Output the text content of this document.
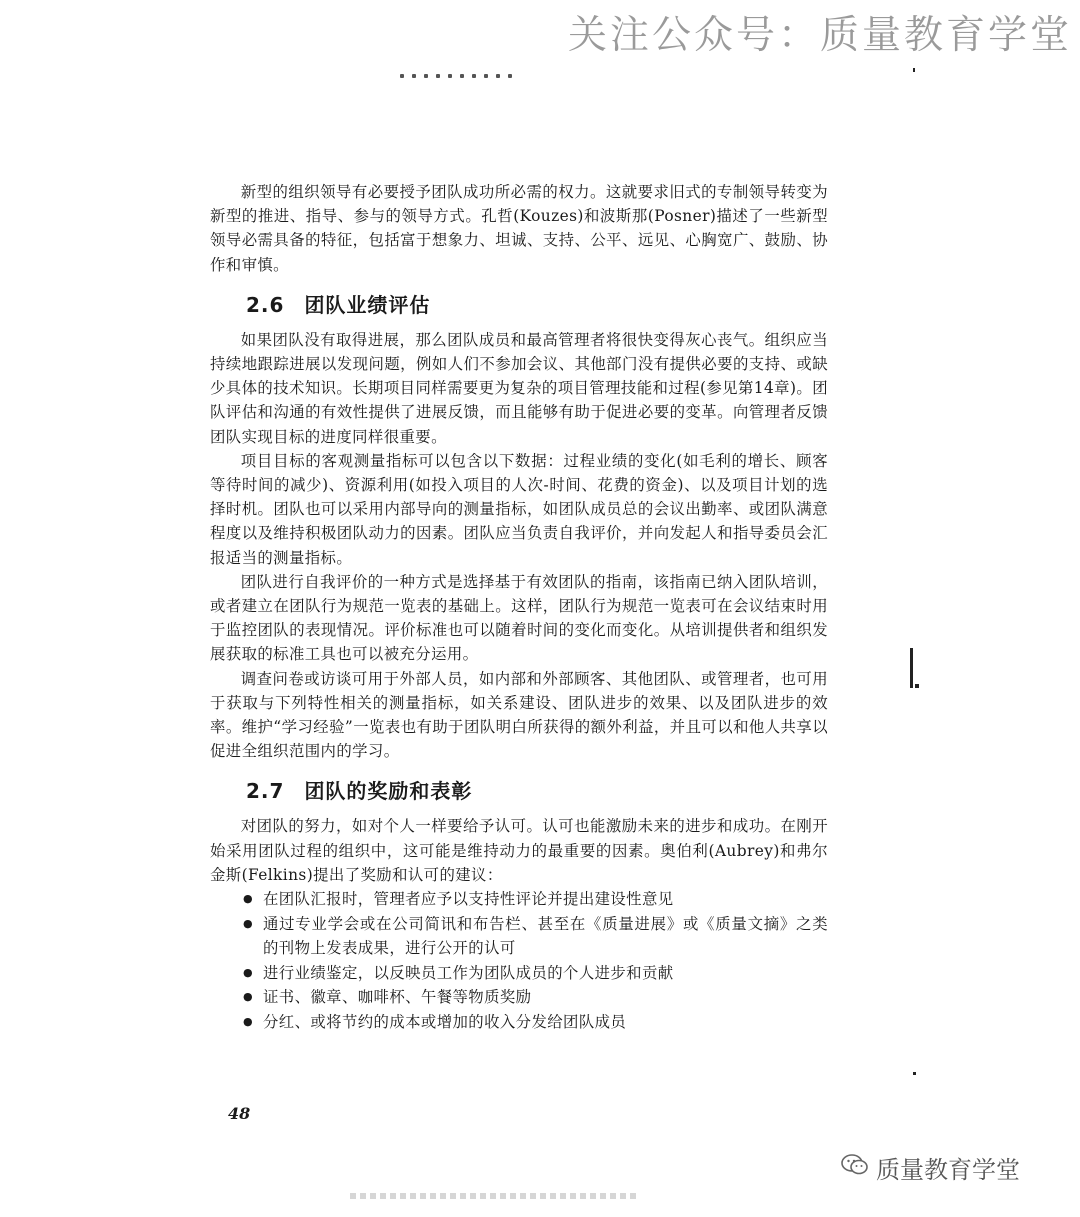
关注公众号：质量教育学堂

新型的组织领导有必要授予团队成功所必需的权力。这就要求旧式的专制领导转变为新型的推进、指导、参与的领导方式。孔哲(Kouzes)和波斯那(Posner)描述了一些新型领导必需具备的特征，包括富于想象力、坦诚、支持、公平、远见、心胸宽广、鼓励、协作和审慎。

2.6 团队业绩评估

如果团队没有取得进展，那么团队成员和最高管理者将很快变得灰心丧气。组织应当持续地跟踪进展以发现问题，例如人们不参加会议、其他部门没有提供必要的支持、或缺少具体的技术知识。长期项目同样需要更为复杂的项目管理技能和过程(参见第14章)。团队评估和沟通的有效性提供了进展反馈，而且能够有助于促进必要的变革。向管理者反馈团队实现目标的进度同样很重要。

项目目标的客观测量指标可以包含以下数据：过程业绩的变化(如毛利的增长、顾客等待时间的减少)、资源利用(如投入项目的人次-时间、花费的资金)、以及项目计划的选择时机。团队也可以采用内部导向的测量指标，如团队成员总的会议出勤率、或团队满意程度以及维持积极团队动力的因素。团队应当负责自我评价，并向发起人和指导委员会汇报适当的测量指标。

团队进行自我评价的一种方式是选择基于有效团队的指南，该指南已纳入团队培训，或者建立在团队行为规范一览表的基础上。这样，团队行为规范一览表可在会议结束时用于监控团队的表现情况。评价标准也可以随着时间的变化而变化。从培训提供者和组织发展获取的标准工具也可以被充分运用。

调查问卷或访谈可用于外部人员，如内部和外部顾客、其他团队、或管理者，也可用于获取与下列特性相关的测量指标，如关系建设、团队进步的效果、以及团队进步的效率。维护“学习经验”一览表也有助于团队明白所获得的额外利益，并且可以和他人共享以促进全组织范围内的学习。

2.7 团队的奖励和表彰

对团队的努力，如对个人一样要给予认可。认可也能激励未来的进步和成功。在刚开始采用团队过程的组织中，这可能是维持动力的最重要的因素。奥伯利(Aubrey)和弗尔金斯(Felkins)提出了奖励和认可的建议：

● 在团队汇报时，管理者应予以支持性评论并提出建设性意见
● 通过专业学会或在公司简讯和布告栏、甚至在《质量进展》或《质量文摘》之类的刊物上发表成果，进行公开的认可
● 进行业绩鉴定，以反映员工作为团队成员的个人进步和贡献
● 证书、徽章、咖啡杯、午餐等物质奖励
● 分红、或将节约的成本或增加的收入分发给团队成员
48
质量教育学堂
